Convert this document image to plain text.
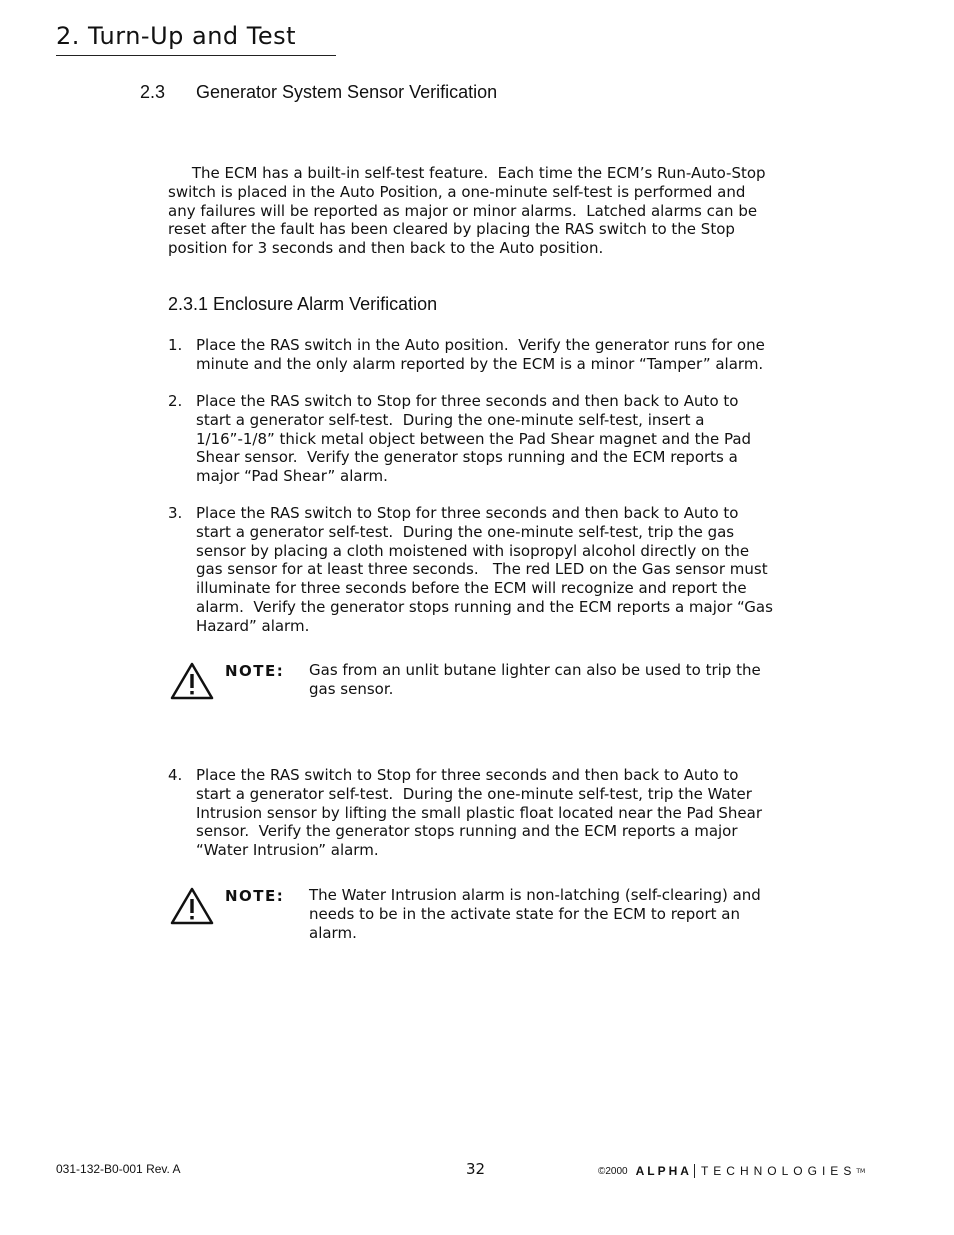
2. Turn-Up and Test
2.3 Generator System Sensor Verification

The ECM has a built-in self-test feature.  Each time the ECM’s Run-Auto-Stop
switch is placed in the Auto Position, a one-minute self-test is performed and
any failures will be reported as major or minor alarms.  Latched alarms can be
reset after the fault has been cleared by placing the RAS switch to the Stop
position for 3 seconds and then back to the Auto position.

2.3.1 Enclosure Alarm Verification
1. Place the RAS switch in the Auto position.  Verify the generator runs for one
minute and the only alarm reported by the ECM is a minor “Tamper” alarm.

2. Place the RAS switch to Stop for three seconds and then back to Auto to
start a generator self-test.  During the one-minute self-test, insert a
1/16”-1/8” thick metal object between the Pad Shear magnet and the Pad
Shear sensor.  Verify the generator stops running and the ECM reports a
major “Pad Shear” alarm.

3. Place the RAS switch to Stop for three seconds and then back to Auto to
start a generator self-test.  During the one-minute self-test, trip the gas
sensor by placing a cloth moistened with isopropyl alcohol directly on the
gas sensor for at least three seconds.   The red LED on the Gas sensor must
illuminate for three seconds before the ECM will recognize and report the
alarm.  Verify the generator stops running and the ECM reports a major “Gas
Hazard” alarm.

NOTE: Gas from an unlit butane lighter can also be used to trip the
gas sensor.

4. Place the RAS switch to Stop for three seconds and then back to Auto to
start a generator self-test.  During the one-minute self-test, trip the Water
Intrusion sensor by lifting the small plastic float located near the Pad Shear
sensor.  Verify the generator stops running and the ECM reports a major
“Water Intrusion” alarm.

NOTE: The Water Intrusion alarm is non-latching (self-clearing) and
needs to be in the activate state for the ECM to report an
alarm.

031-132-B0-001 Rev. A	32	©2000 ALPHA TECHNOLOGIES TM
